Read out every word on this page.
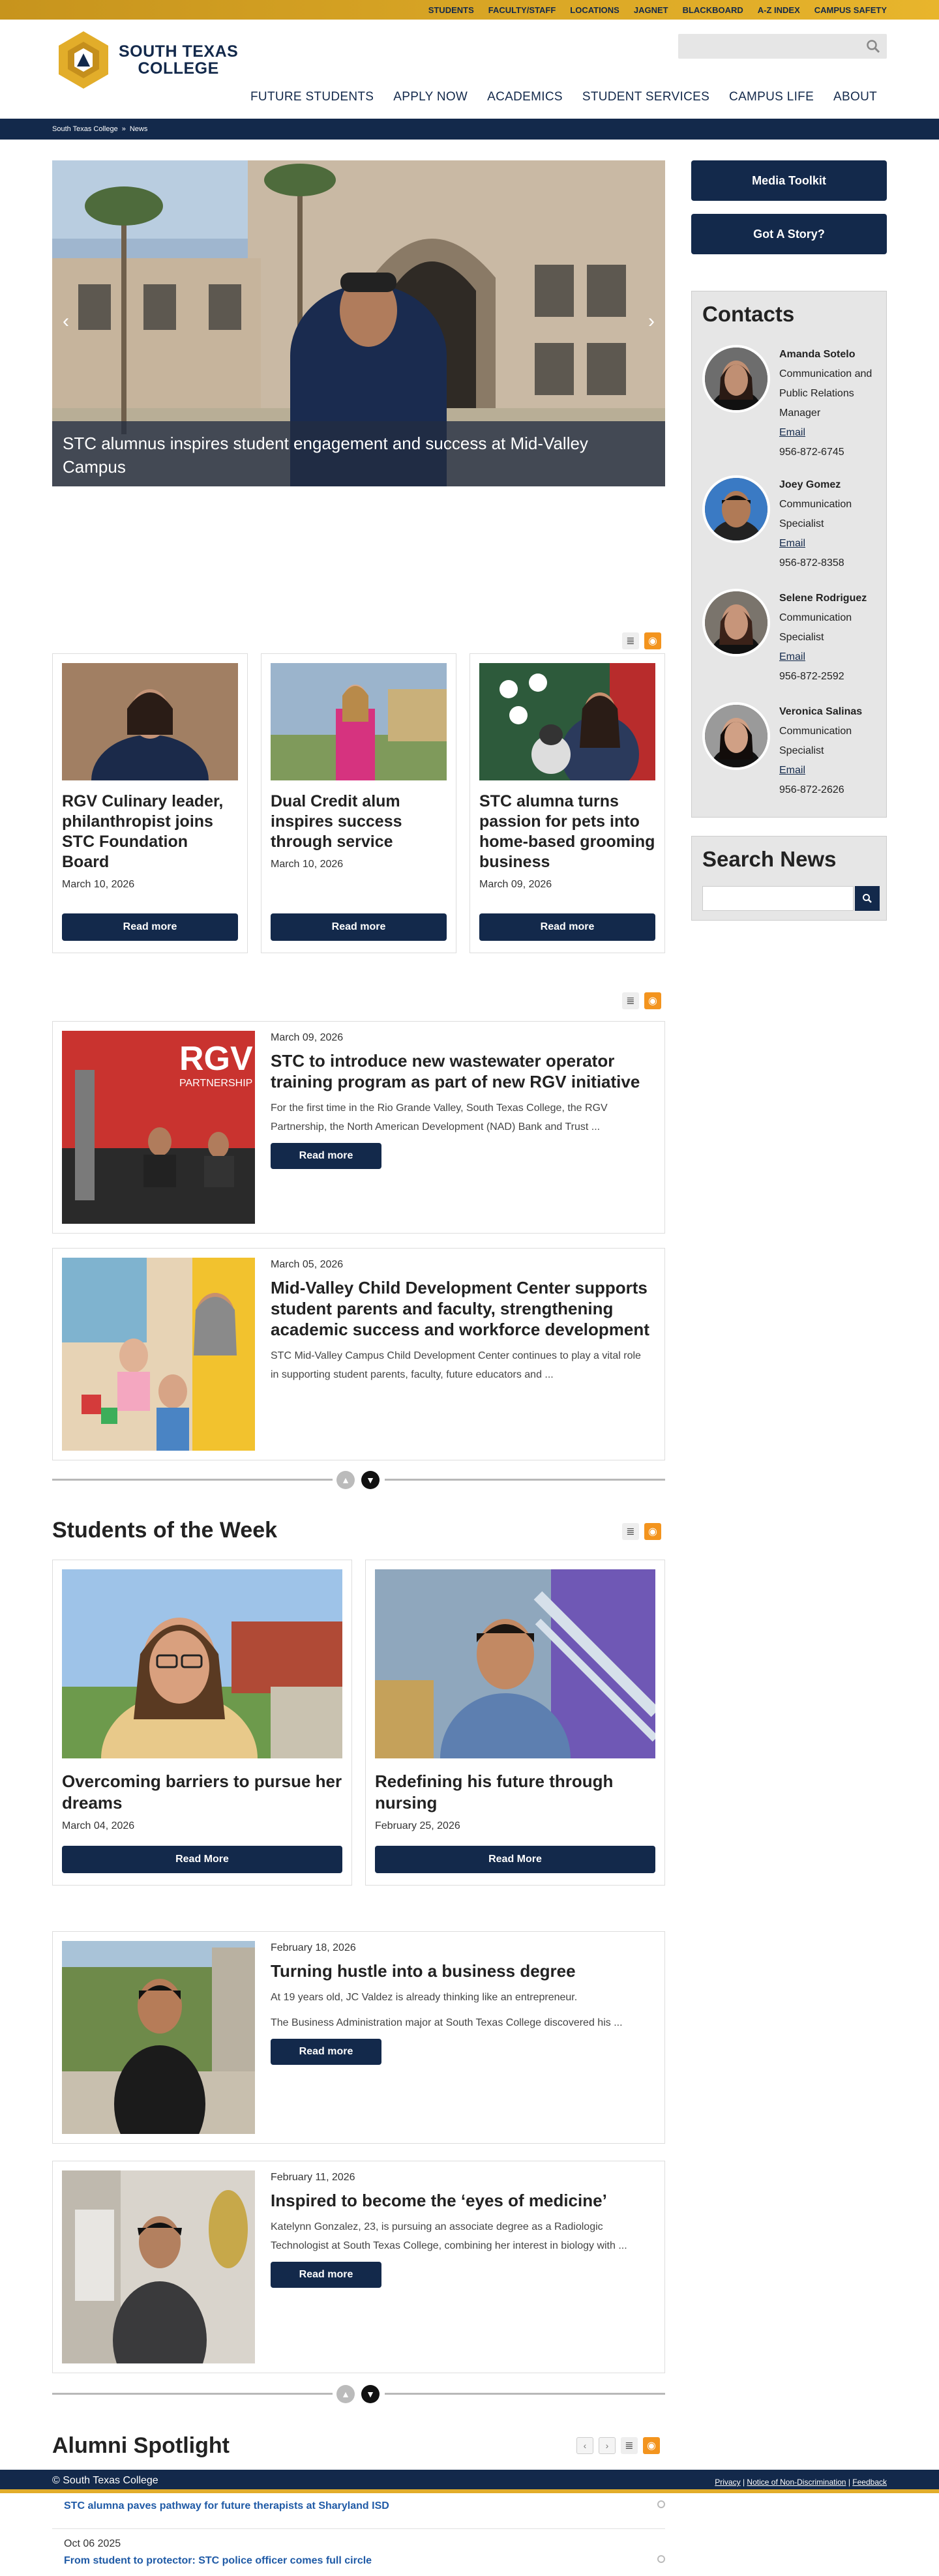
STUDENTS FACULTY/STAFF LOCATIONS JAGNET BLACKBOARD A-Z INDEX CAMPUS SAFETY
SOUTH TEXAS
COLLEGE
FUTURE STUDENTS APPLY NOW ACADEMICS STUDENT SERVICES CAMPUS LIFE ABOUT
South Texas College » News
‹	›
STC alumnus inspires student engagement and success at Mid-Valley Campus
≣	◉
RGV Culinary leader, philanthropist joins STC Foundation Board
March 10, 2026
Read more
Dual Credit alum inspires success through service
March 10, 2026
Read more
STC alumna turns passion for pets into home-based grooming business
March 09, 2026
Read more
≣	◉
RGV
PARTNERSHIP
March 09, 2026
STC to introduce new wastewater operator training program as part of new RGV initiative

For the first time in the Rio Grande Valley, South Texas College, the RGV Partnership, the North American Development (NAD) Bank and Trust ...

Read more
March 05, 2026
Mid-Valley Child Development Center supports student parents and faculty, strengthening academic success and workforce development

STC Mid-Valley Campus Child Development Center continues to play a vital role in supporting student parents, faculty, future educators and ...

▲	▼
Students of the Week	≣	◉
Overcoming barriers to pursue her dreams
March 04, 2026
Read More
Redefining his future through nursing
February 25, 2026
Read More
February 18, 2026
Turning hustle into a business degree

At 19 years old, JC Valdez is already thinking like an entrepreneur.

The Business Administration major at South Texas College discovered his ...

Read more
February 11, 2026
Inspired to become the ‘eyes of medicine’

Katelynn Gonzalez, 23, is pursuing an associate degree as a Radiologic Technologist at South Texas College, combining her interest in biology with ...

Read more
▲	▼
Alumni Spotlight	‹	›	≣	◉
STC alumna paves pathway for future therapists at Sharyland ISD
Oct 06 2025
From student to protector: STC police officer comes full circle
Media Toolkit
Got A Story?
Contacts
Amanda Sotelo
Communication and Public Relations Manager
Email
956-872-6745
Joey Gomez
Communication Specialist
Email
956-872-8358
Selene Rodriguez
Communication Specialist
Email
956-872-2592
Veronica Salinas
Communication Specialist
Email
956-872-2626
Search News
© South Texas College	Privacy | Notice of Non-Discrimination | Feedback
